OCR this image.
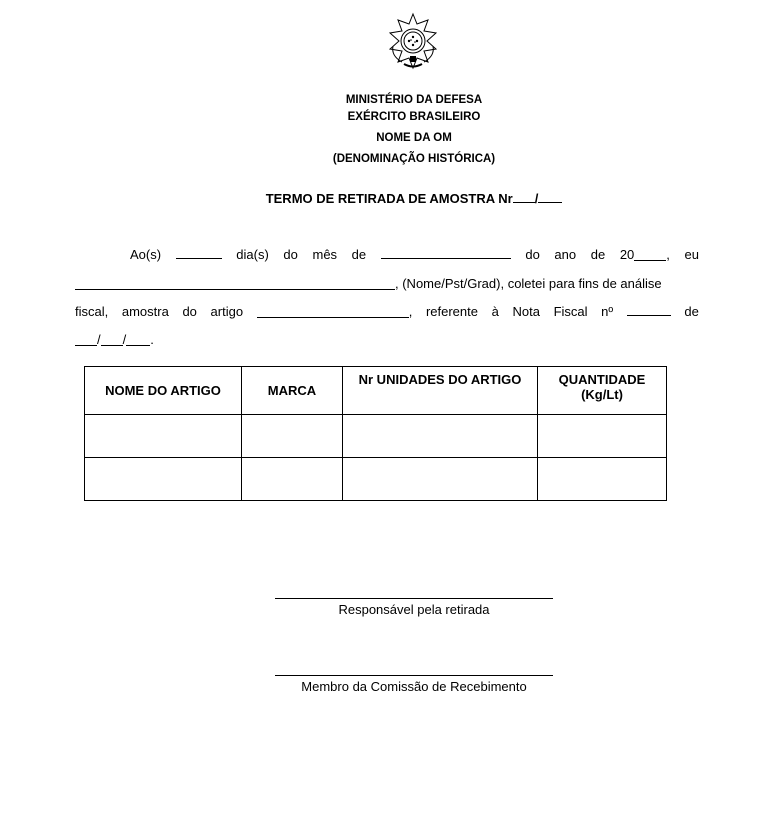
MINISTÉRIO DA DEFESA
EXÉRCITO BRASILEIRO
NOME DA OM
(DENOMINAÇÃO HISTÓRICA)
TERMO DE RETIRADA DE AMOSTRA Nr /
Ao(s)	dia(s) do mês de	do ano de 20 , eu
, (Nome/Pst/Grad), coletei para fins de análise
fiscal, amostra do artigo	, referente à Nota Fiscal nº	de
/ / .
NOME DO ARTIGO	MARCA	Nr UNIDADES DO ARTIGO	QUANTIDADE (Kg/Lt)

Responsável pela retirada
Membro da Comissão de Recebimento
